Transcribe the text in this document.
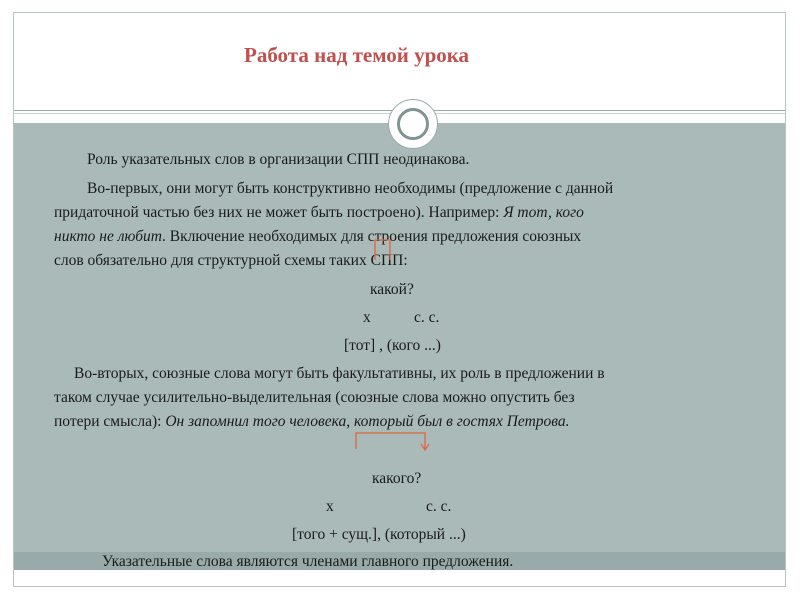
Работа над темой урока
Роль указательных слов в организации СПП неодинакова.
Во-первых, они могут быть конструктивно необходимы (предложение с данной
придаточной частью без них не может быть построено). Например: Я тот, кого
никто не любит. Включение необходимых для строения предложения союзных
слов обязательно для структурной схемы таких СПП:
какой?
х	с. с.
[тот] , (кого ...)
Во-вторых, союзные слова могут быть факультативны, их роль в предложении в
таком случае усилительно-выделительная (союзные слова можно опустить без
потери смысла): Он запомнил того человека, который был в гостях Петрова.
какого?
х	с. с.
[того + сущ.], (который ...)
Указательные слова являются членами главного предложения.
